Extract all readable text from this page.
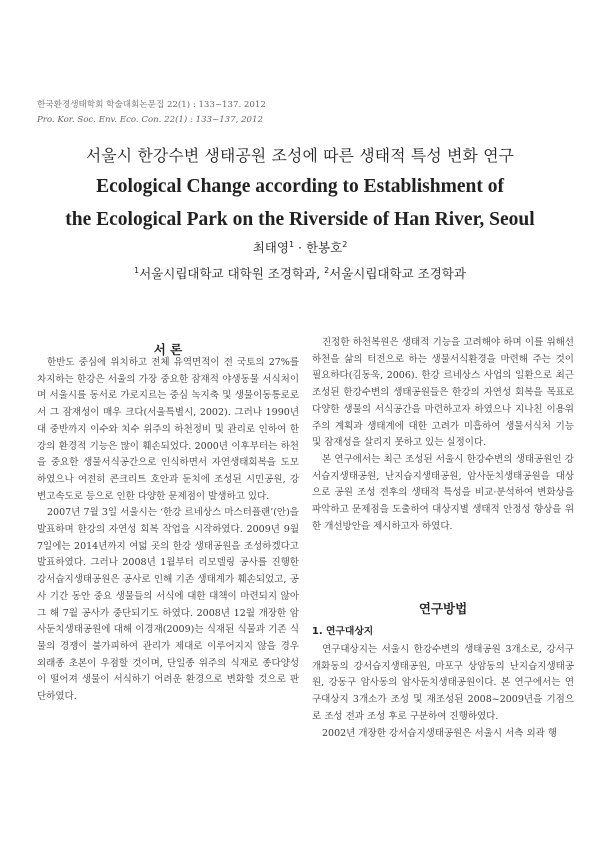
한국환경생태학회 학술대회논문집 22(1) : 133~137. 2012
Pro. Kor. Soc. Env. Eco. Con. 22(1) : 133~137, 2012
서울시 한강수변 생태공원 조성에 따른 생태적 특성 변화 연구
Ecological Change according to Establishment of
the Ecological Park on the Riverside of Han River, Seoul
최태영$^1$ · 한봉호$^2$
$^1$서울시립대학교 대학원 조경학과, $^2$서울시립대학교 조경학과
서 론

한반도 중심에 위치하고 전체 유역면적이 전 국토의 27%를 차지하는 한강은 서울의 가장 중요한 잠재적 야생동물 서식처이며 서울시를 동서로 가로지르는 중심 녹지축 및 생물이동통로로서 그 잠재성이 매우 크다(서울특별시, 2002). 그러나 1990년대 중반까지 이수와 치수 위주의 하천정비 및 관리로 인하여 한강의 환경적 기능은 많이 훼손되었다. 2000년 이후부터는 하천을 중요한 생물서식공간으로 인식하면서 자연생태회복을 도모하였으나 여전히 콘크리트 호안과 둔치에 조성된 시민공원, 강변고속도로 등으로 인한 다양한 문제점이 발생하고 있다.

2007년 7월 3일 서울시는 ‘한강 르네상스 마스터플랜’(안)을 발표하며 한강의 자연성 회복 작업을 시작하였다. 2009년 9월 7일에는 2014년까지 여덟 곳의 한강 생태공원을 조성하겠다고 발표하였다. 그러나 2008년 1월부터 리모델링 공사를 진행한 강서습지생태공원은 공사로 인해 기존 생태계가 훼손되었고, 공사 기간 동안 중요 생물들의 서식에 대한 대책이 마련되지 않아 그 해 7월 공사가 중단되기도 하였다. 2008년 12월 개장한 암사둔치생태공원에 대해 이경재(2009)는 식재된 식물과 기존 식물의 경쟁이 불가피하여 관리가 제대로 이루어지지 않을 경우 외래종 초본이 우점할 것이며, 단일종 위주의 식재로 종다양성이 떨어져 생물이 서식하기 어려운 환경으로 변화할 것으로 판단하였다.

진정한 하천복원은 생태적 기능을 고려해야 하며 이를 위해선 하천을 삶의 터전으로 하는 생물서식환경을 마련해 주는 것이 필요하다(김동욱, 2006). 한강 르네상스 사업의 일환으로 최근 조성된 한강수변의 생태공원들은 한강의 자연성 회복을 목표로 다양한 생물의 서식공간을 마련하고자 하였으나 지나친 이용위주의 계획과 생태계에 대한 고려가 미흡하여 생물서식처 기능 및 잠재성을 살리지 못하고 있는 실정이다.

본 연구에서는 최근 조성된 서울시 한강수변의 생태공원인 강서습지생태공원, 난지습지생태공원, 암사둔치생태공원을 대상으로 공원 조성 전후의 생태적 특성을 비교·분석하여 변화상을 파악하고 문제점을 도출하여 대상지별 생태적 안정성 향상을 위한 개선방안을 제시하고자 하였다.

연구방법
1. 연구대상지

연구대상지는 서울시 한강수변의 생태공원 3개소로, 강서구 개화동의 강서습지생태공원, 마포구 상암동의 난지습지생태공원, 강동구 암사동의 암사둔치생태공원이다. 본 연구에서는 연구대상지 3개소가 조성 및 재조성된 2008~2009년을 기점으로 조성 전과 조성 후로 구분하여 진행하였다.

2002년 개장한 강서습지생태공원은 서울시 서측 외곽 행
